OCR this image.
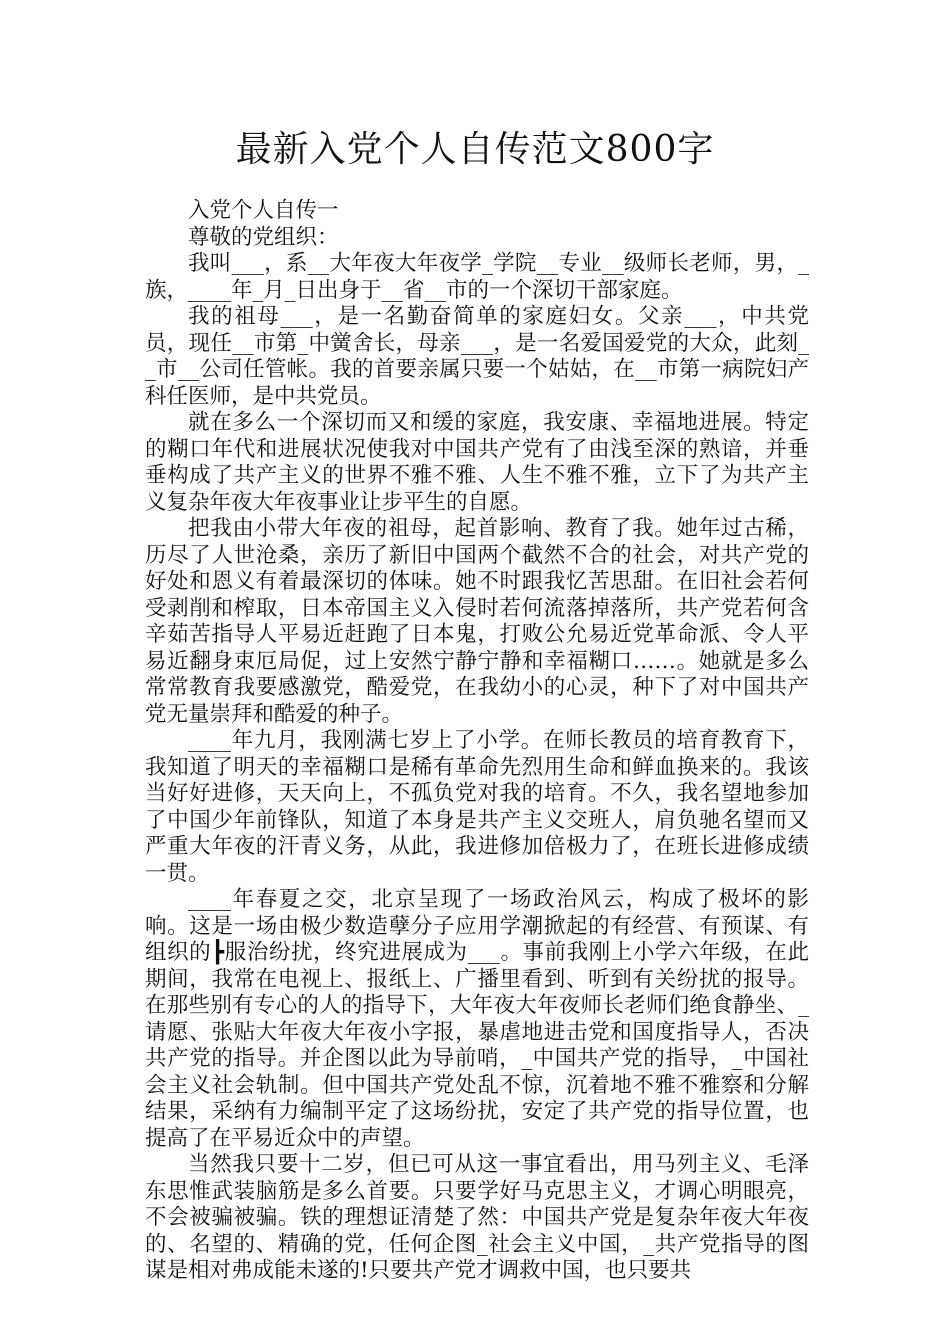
最新入党个人自传范文800字

入党个人自传一

尊敬的党组织：

我叫___，系__大年夜大年夜学_学院__专业__级师长老师，男，_族，____年_月_日出身于__省__市的一个深切干部家庭。

我的祖母___，是一名勤奋简单的家庭妇女。父亲___，中共党员，现任__市第_中黉舍长，母亲___，是一名爱国爱党的大众，此刻__市__公司任管帐。我的首要亲属只要一个姑姑，在__市第一病院妇产科任医师，是中共党员。

就在多么一个深切而又和缓的家庭，我安康、幸福地进展。特定的糊口年代和进展状况使我对中国共产党有了由浅至深的熟谙，并垂垂构成了共产主义的世界不雅不雅、人生不雅不雅，立下了为共产主义复杂年夜大年夜事业让步平生的自愿。

把我由小带大年夜的祖母，起首影响、教育了我。她年过古稀，历尽了人世沧桑，亲历了新旧中国两个截然不合的社会，对共产党的好处和恩义有着最深切的体味。她不时跟我忆苦思甜。在旧社会若何受剥削和榨取，日本帝国主义入侵时若何流落掉落所，共产党若何含辛茹苦指导人平易近赶跑了日本鬼，打败公允易近党革命派、令人平易近翻身束厄局促，过上安然宁静宁静和幸福糊口……。她就是多么常常教育我要感激党，酷爱党，在我幼小的心灵，种下了对中国共产党无量崇拜和酷爱的种子。

____年九月，我刚满七岁上了小学。在师长教员的培育教育下，我知道了明天的幸福糊口是稀有革命先烈用生命和鲜血换来的。我该当好好进修，天天向上，不孤负党对我的培育。不久，我名望地参加了中国少年前锋队，知道了本身是共产主义交班人，肩负驰名望而又严重大年夜的汗青义务，从此，我进修加倍极力了，在班长进修成绩一贯。

____年春夏之交，北京呈现了一场政治风云，构成了极坏的影响。这是一场由极少数造孽分子应用学潮掀起的有经营、有预谋、有组织的┣服治纷扰，终究进展成为___。事前我刚上小学六年级，在此期间，我常在电视上、报纸上、广播里看到、听到有关纷扰的报导。在那些别有专心的人的指导下，大年夜大年夜师长老师们绝食静坐、_请愿、张贴大年夜大年夜小字报，暴虐地进击党和国度指导人，否决共产党的指导。并企图以此为导前哨，_中国共产党的指导，_中国社会主义社会轨制。但中国共产党处乱不惊，沉着地不雅不雅察和分解结果，采纳有力编制平定了这场纷扰，安定了共产党的指导位置，也提高了在平易近众中的声望。

当然我只要十二岁，但已可从这一事宜看出，用马列主义、毛泽东思惟武装脑筋是多么首要。只要学好马克思主义，才调心明眼亮，不会被骗被骗。铁的理想证清楚了然：中国共产党是复杂年夜大年夜的、名望的、精确的党，任何企图_社会主义中国，_共产党指导的图谋是相对弗成能未遂的!只要共产党才调救中国，也只要共
